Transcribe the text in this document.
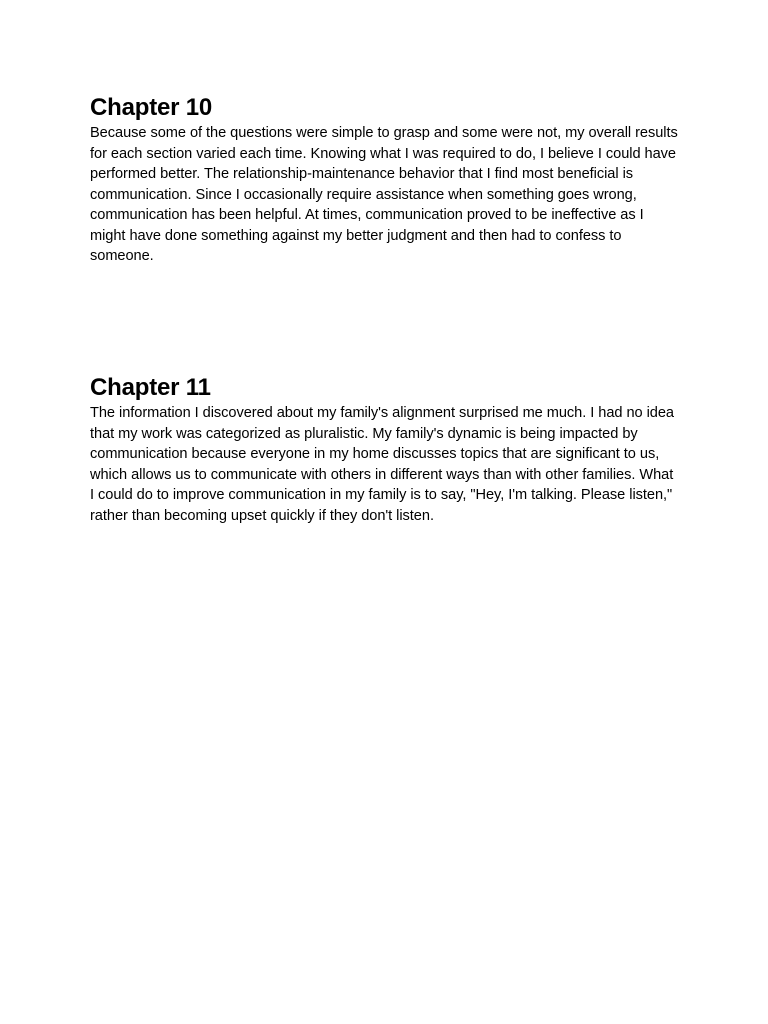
Chapter 10

Because some of the questions were simple to grasp and some were not, my overall results for each section varied each time. Knowing what I was required to do, I believe I could have performed better. The relationship-maintenance behavior that I find most beneficial is communication. Since I occasionally require assistance when something goes wrong, communication has been helpful. At times, communication proved to be ineffective as I might have done something against my better judgment and then had to confess to someone.

Chapter 11

The information I discovered about my family's alignment surprised me much. I had no idea that my work was categorized as pluralistic. My family's dynamic is being impacted by communication because everyone in my home discusses topics that are significant to us, which allows us to communicate with others in different ways than with other families. What I could do to improve communication in my family is to say, "Hey, I'm talking. Please listen," rather than becoming upset quickly if they don't listen.
